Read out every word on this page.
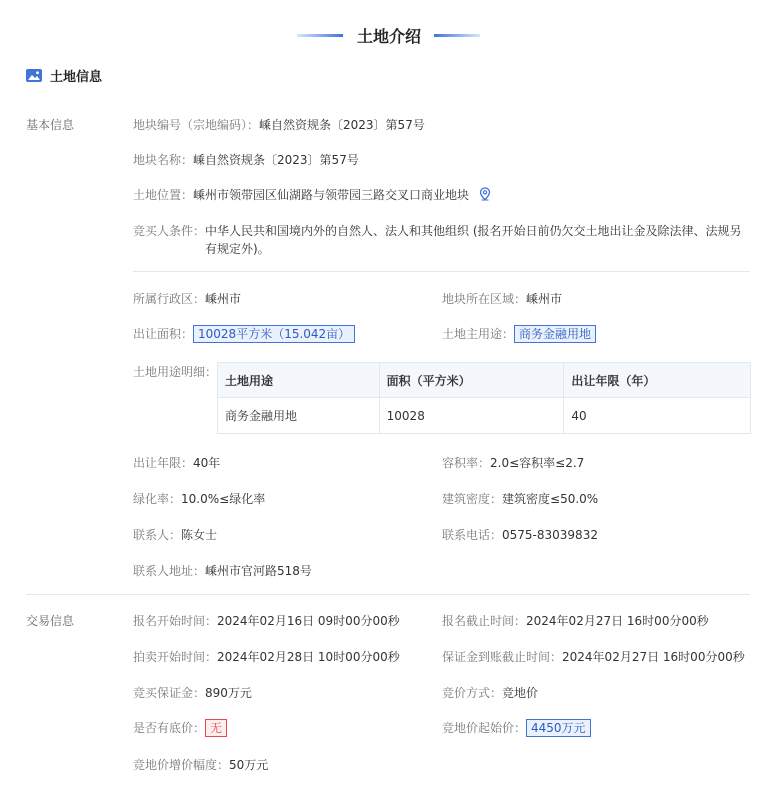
土地介绍
土地信息
基本信息
交易信息
地块编号（宗地编码）：嵊自然资规条〔2023〕第57号
地块名称：嵊自然资规条〔2023〕第57号
土地位置：嵊州市领带园区仙湖路与领带园三路交叉口商业地块
竞买人条件：中华人民共和国境内外的自然人、法人和其他组织 (报名开始日前仍欠交土地出让金及除法律、法规另
有规定外)。
所属行政区：嵊州市	地块所在区域：嵊州市
出让面积： 10028平方米（15.042亩）	土地主用途： 商务金融用地
土地用途明细：
土地用途	面积（平方米）	出让年限（年）
商务金融用地	10028	40
出让年限：40年	容积率：2.0≤容积率≤2.7
绿化率：10.0%≤绿化率	建筑密度：建筑密度≤50.0%
联系人：陈女士	联系电话：0575-83039832
联系人地址：嵊州市官河路518号
报名开始时间：2024年02月16日 09时00分00秒	报名截止时间：2024年02月27日 16时00分00秒
拍卖开始时间：2024年02月28日 10时00分00秒	保证金到账截止时间：2024年02月27日 16时00分00秒
竞买保证金：890万元	竞价方式：竞地价
是否有底价： 无	竞地价起始价： 4450万元
竞地价增价幅度：50万元
